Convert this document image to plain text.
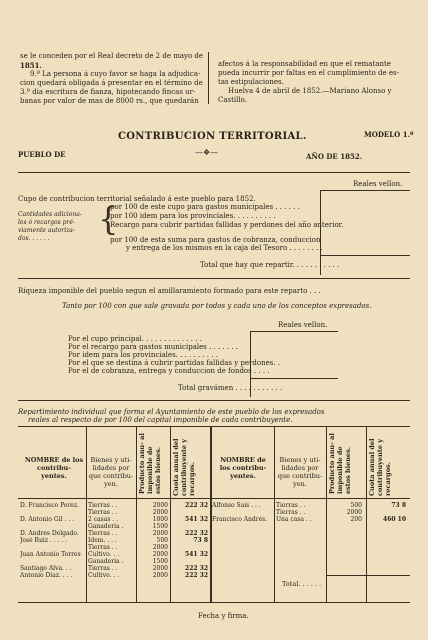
se le conceden por el Real decreto de 2 de mayo de
1851.
9.ª La persona á cuyo favor se haga la adjudica-
cion quedará obligada á presentar en el término de
3.º dia escritura de fianza, hipotecando fincas ur-
banas por valor de mas de 8000 rs., que quedarán
afectos á la responsabilidad en que el rematante
pueda incurrir por faltas en el cumplimiento de es-
tas estipulaciones.
Huelva 4 de abril de 1852.—Mariano Alonso y
Castillo.
CONTRIBUCION TERRITORIAL.	MODELO 1.º
—❖—
PUEBLO DE	AÑO DE 1852.
Reales vellon.
Cupo de contribucion territorial señalado á este pueblo para 1852.
por 100 de este cupo para gastos municipales . . . . . .
Cantidades adiciona-
les ó recargos pré-
viamente autoriza-
dos. . . . . .
{
por 100 idem para los provinciales. . . . . . . . . .
Recargo para cubrir partidas fallidas y perdones del año anterior.
por 100 de esta suma para gastos de cobranza, conduccion
y entrega de los mismos en la caja del Tesoro . . . . . . . .
Total que hay que repartir. . . . . . . . . . .
Riqueza imponible del pueblo segun el amillaramiento formado para este reparto . . .
Tanto por 100 con que sale gravada por todos y cada uno de los conceptos expresados.
Reales vellon.
Por el cupo principal. . . . . . . . . . . . . .
Por el recargo para gastos municipales . . . . . . .
Por idem para los provinciales. . . . . . . . . .
Por el que se destina á cubrir partidas fallidas y perdones. .
Por el de cobranza, entrega y conduccion de fondos . . . .
Total gravámen . . . . . . . . . . .
Repartimiento individual que forma el Ayuntamiento de este pueblo de los expresados
reales al respecto de por 100 del capital imponible de cada contribuyente.
NOMBRE de los contribu- yentes.
Bienes y uti- lidades por que contribu- yen.	Producto anu- al imponible de estos bienes.	Cuota anual del contribuyente y recargos.
NOMBRE de los contribu- yentes.
Bienes y uti- lidades por que contribu- yen.	Producto anu- al imponible de estos bienes.	Cuota anual del contribuyente y recargos.
D. Francisco Perez.	Tierras . .	2000	222 32
Tierras . .	2000
D. Antonio Gil . . .	2 casas . .	1000	541 32
Ganaderia .	1500
D. Andres Delgado.	Tierras . .	2000	222 32
José Ruiz . . . . .	Idem. . . .	500	73 8
Tierras . .	2000
Juan Antonio Torres	Cultivo. . .	2000	541 32
Ganaderia .	1500
Santiago Alva. . .	Tierras . .	2000	222 32
Antonio Diaz. . . .	Cultivo. . .	2000	222 32
Alfonso Sais . . .	Tierras . .	500	73 8
Tierras . .	2000
Francisco Andrés.	Una casa . .	200	460 10
Total. . . . . .
Fecha y firma.
